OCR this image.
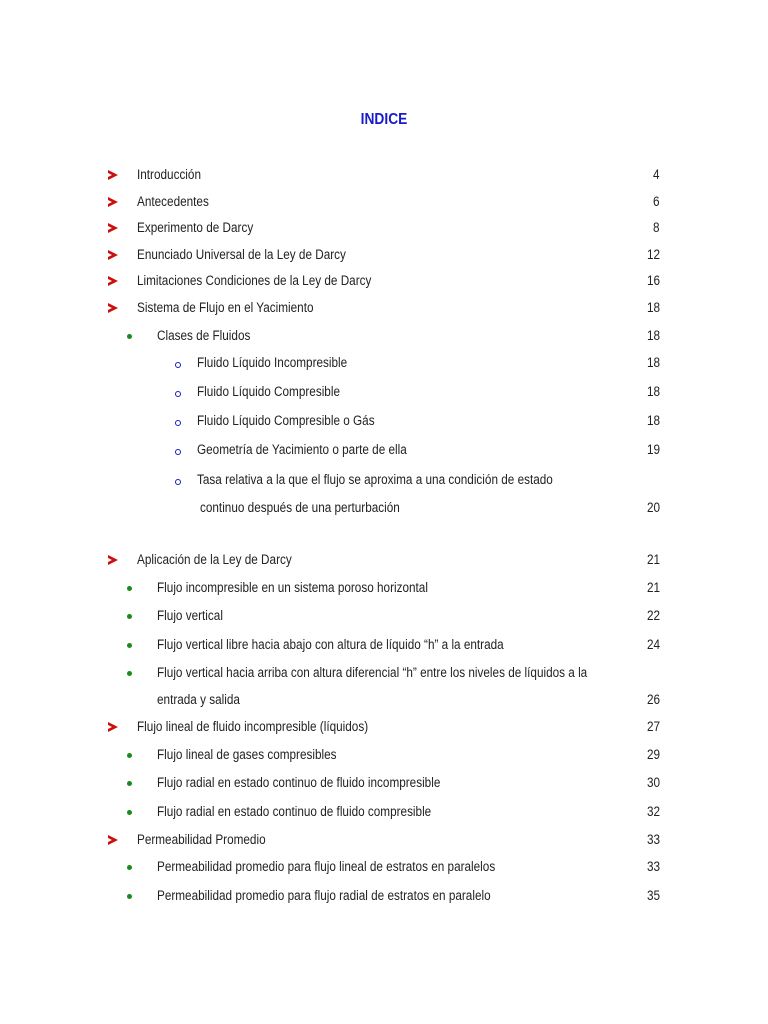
INDICE
Introducción	4
Antecedentes	6
Experimento de Darcy	8
Enunciado Universal de la Ley de Darcy	12
Limitaciones Condiciones de la Ley de Darcy	16
Sistema de Flujo en el Yacimiento	18
Clases de Fluidos	18
Fluido Líquido Incompresible	18
Fluido Líquido Compresible	18
Fluido Líquido Compresible o Gás	18
Geometría de Yacimiento o parte de ella	19
Tasa relativa a la que el flujo se aproxima a una condición de estado
continuo después de una perturbación	20
Aplicación de la Ley de Darcy	21
Flujo incompresible en un sistema poroso horizontal	21
Flujo vertical	22
Flujo vertical libre hacia abajo con altura de líquido “h” a la entrada	24
Flujo vertical hacia arriba con altura diferencial “h” entre los niveles de líquidos a la
entrada y salida	26
Flujo lineal de fluido incompresible (líquidos)	27
Flujo lineal de gases compresibles	29
Flujo radial en estado continuo de fluido incompresible	30
Flujo radial en estado continuo de fluido compresible	32
Permeabilidad Promedio	33
Permeabilidad promedio para flujo lineal de estratos en paralelos	33
Permeabilidad promedio para flujo radial de estratos en paralelo	35
